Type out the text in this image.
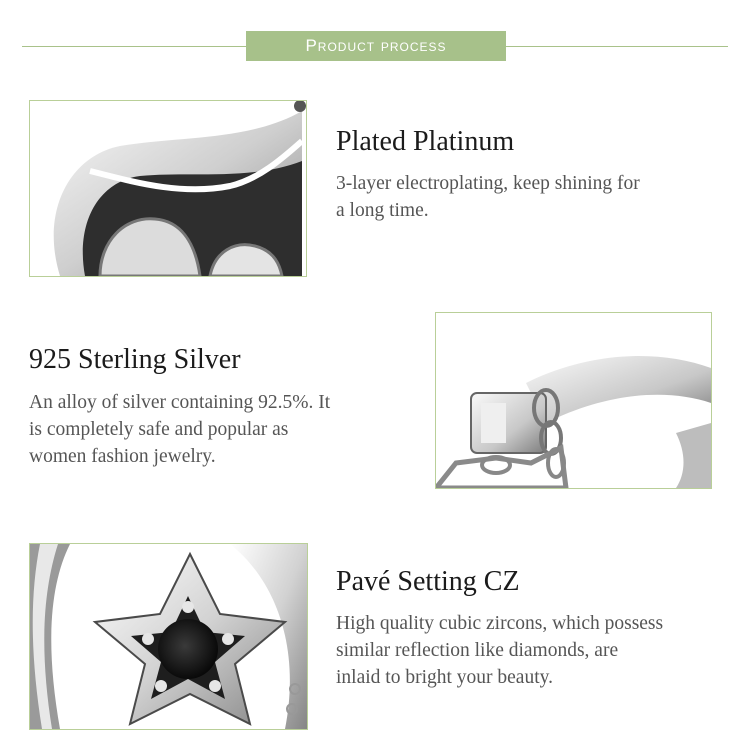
Product process
Plated Platinum
3-layer electroplating, keep shining for
a long time.
925 Sterling Silver
An alloy of silver containing 92.5%. It
is completely safe and popular as
women fashion jewelry.
Pavé Setting CZ
High quality cubic zircons, which possess
similar reflection like diamonds, are
inlaid to bright your beauty.
